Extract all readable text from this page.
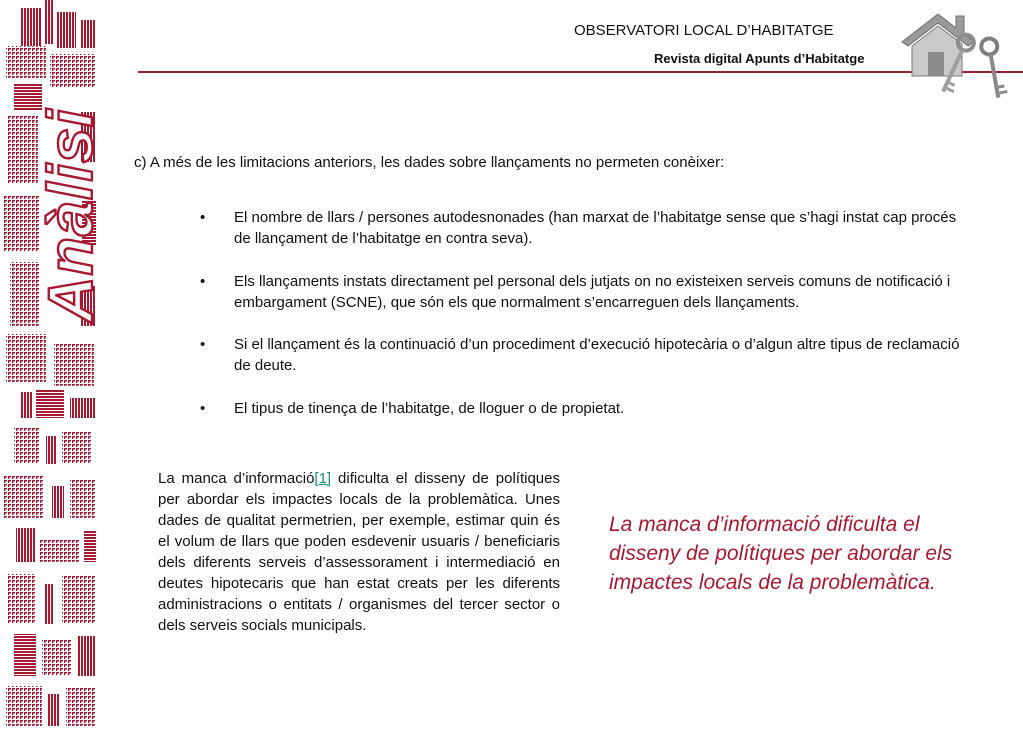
Anàlisi
OBSERVATORI LOCAL D’HABITATGE
Revista digital Apunts d’Habitatge
c) A més de les limitacions anteriors, les dades sobre llançaments no permeten conèixer:
• El nombre de llars / persones autodesnonades (han marxat de l’habitatge sense que s’hagi instat cap procés de llançament de l’habitatge en contra seva).
• Els llançaments instats directament pel personal dels jutjats on no existeixen serveis comuns de notificació i embargament (SCNE), que són els que normalment s’encarreguen dels llançaments.
• Si el llançament és la continuació d’un procediment d’execució hipotecària o d’algun altre tipus de reclamació de deute.
• El tipus de tinença de l’habitatge, de lloguer o de propietat.
La manca d’informació[1] dificulta el disseny de polítiques per abordar els impactes locals de la problemàtica. Unes dades de qualitat permetrien, per exemple, estimar quin és el volum de llars que poden esdevenir usuaris / beneficiaris dels diferents serveis d’assessorament i intermediació en deutes hipotecaris que han estat creats per les diferents administracions o entitats / organismes del tercer sector o dels serveis socials municipals.
La manca d’informació dificulta el disseny de polítiques per abordar els impactes locals de la problemàtica.
